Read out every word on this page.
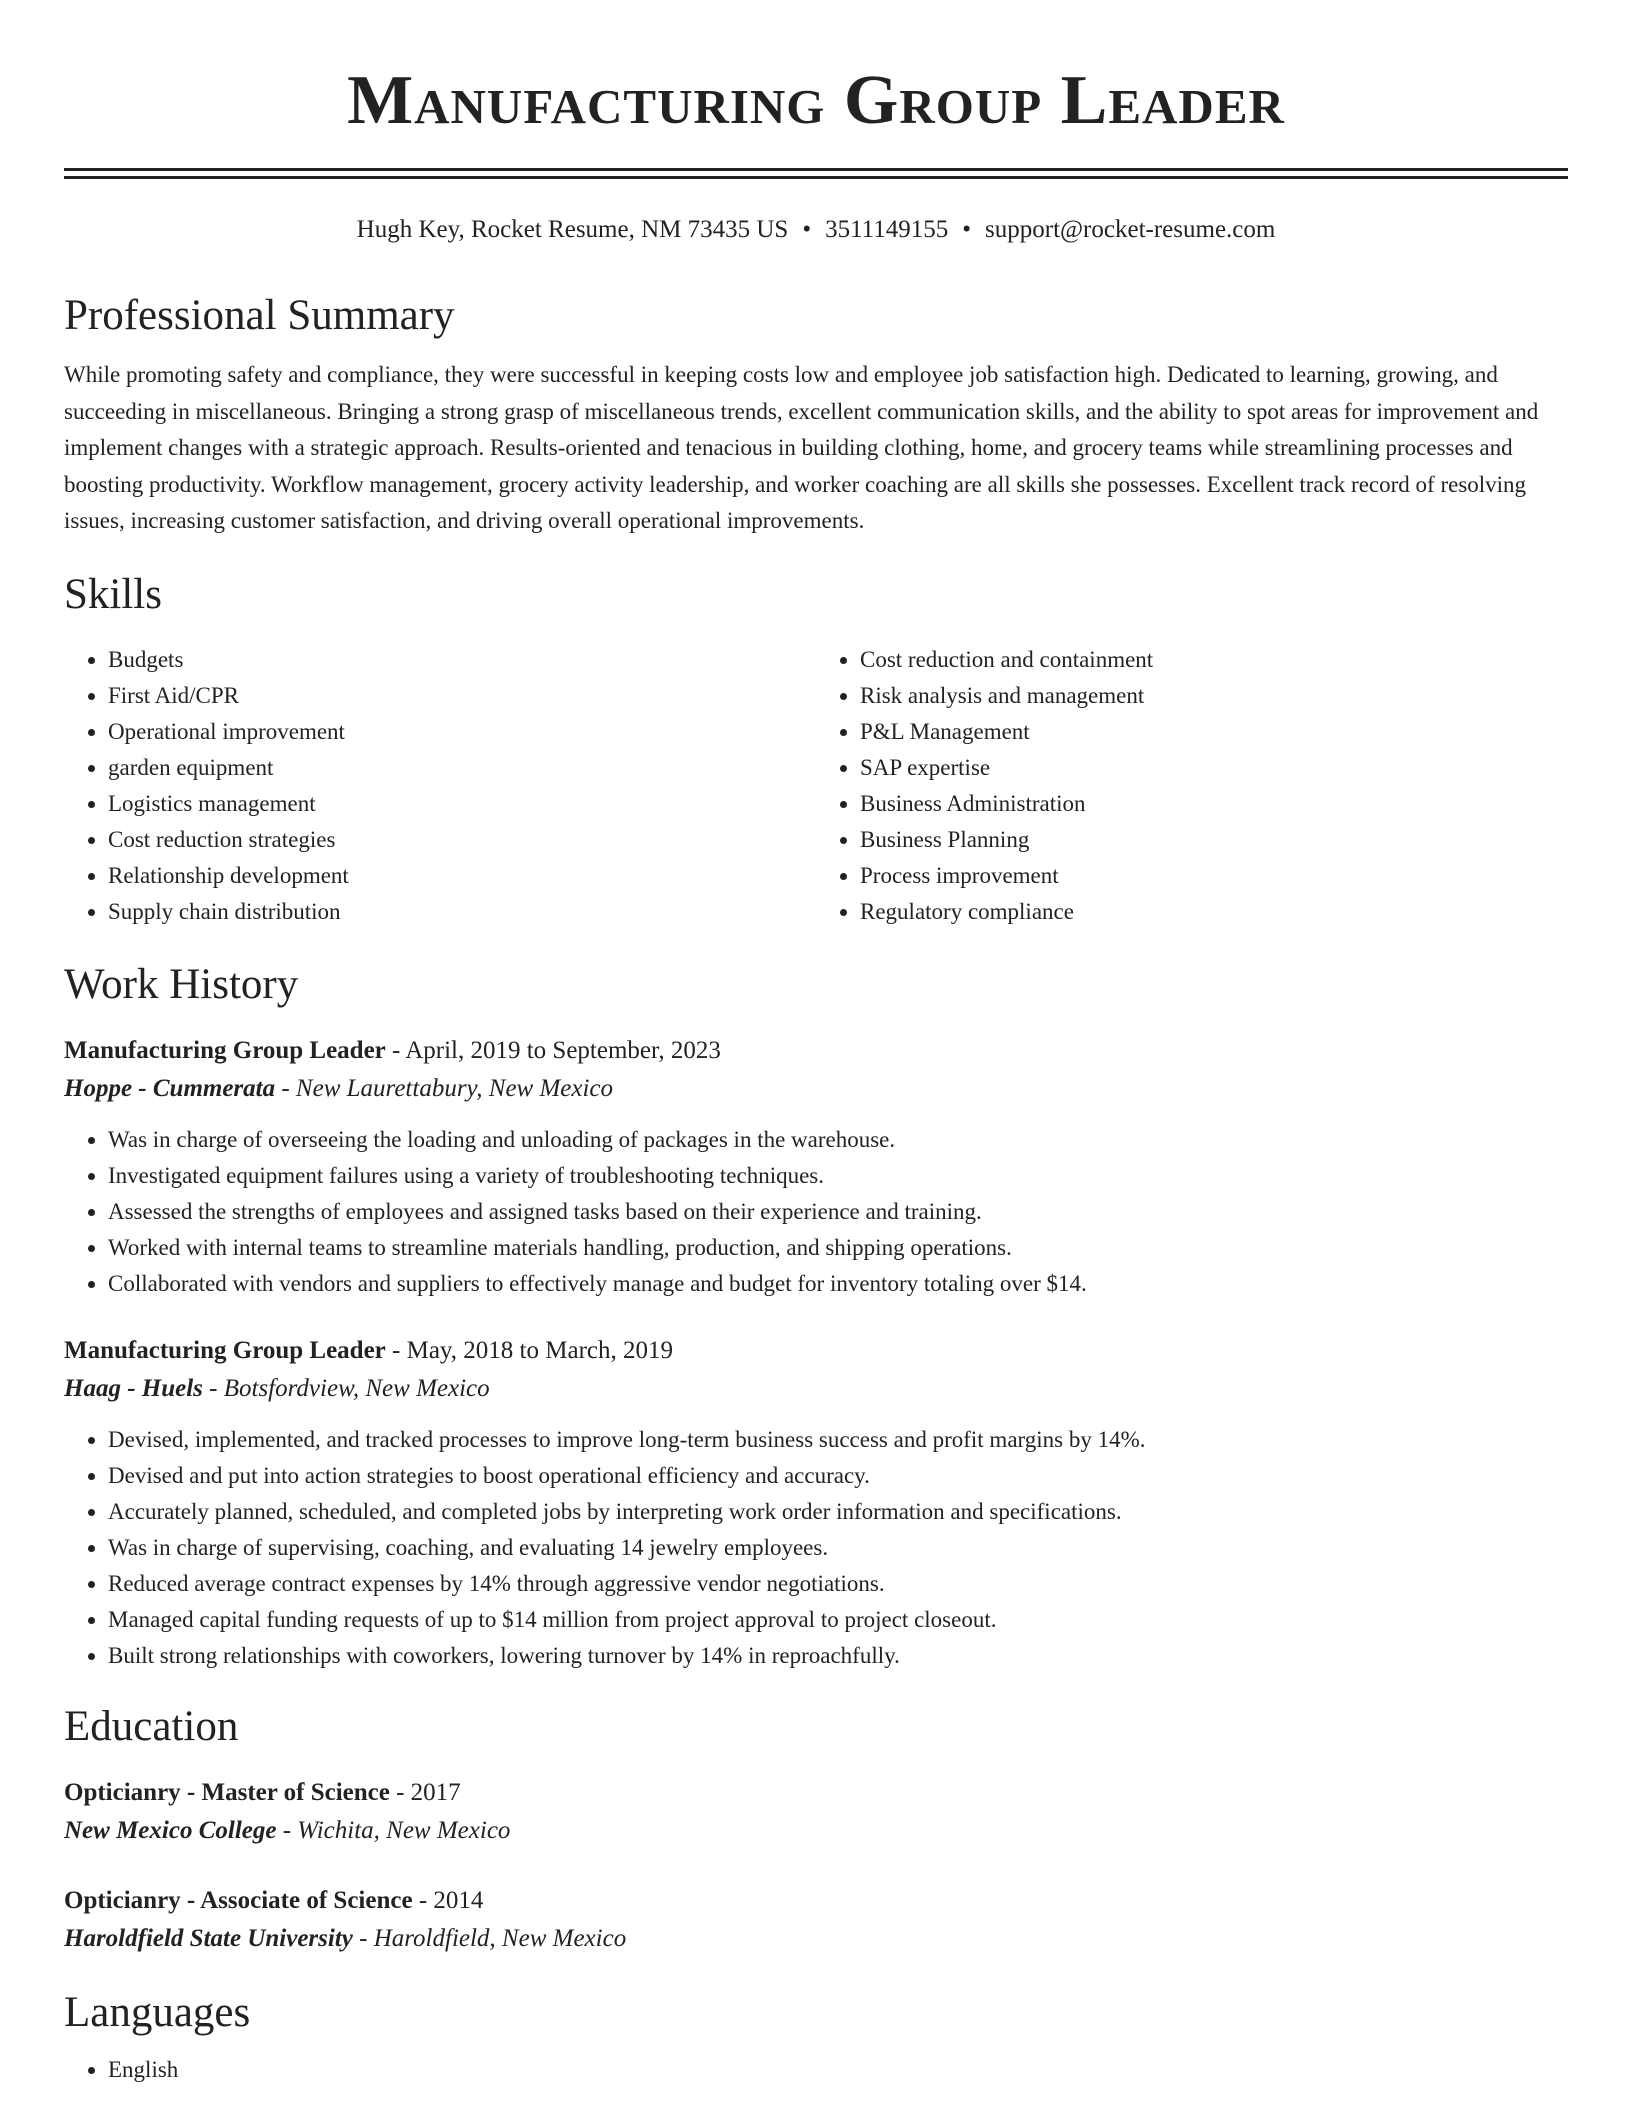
Manufacturing Group Leader
Hugh Key, Rocket Resume, NM 73435 US • 3511149155 • support@rocket-resume.com
Professional Summary

While promoting safety and compliance, they were successful in keeping costs low and employee job satisfaction high. Dedicated to learning, growing, and succeeding in miscellaneous. Bringing a strong grasp of miscellaneous trends, excellent communication skills, and the ability to spot areas for improvement and implement changes with a strategic approach. Results-oriented and tenacious in building clothing, home, and grocery teams while streamlining processes and boosting productivity. Workflow management, grocery activity leadership, and worker coaching are all skills she possesses. Excellent track record of resolving issues, increasing customer satisfaction, and driving overall operational improvements.

Skills
• Budgets
• First Aid/CPR
• Operational improvement
• garden equipment
• Logistics management
• Cost reduction strategies
• Relationship development
• Supply chain distribution
• Cost reduction and containment
• Risk analysis and management
• P&L Management
• SAP expertise
• Business Administration
• Business Planning
• Process improvement
• Regulatory compliance
Work History
Manufacturing Group Leader - April, 2019 to September, 2023
Hoppe - Cummerata - New Laurettabury, New Mexico
• Was in charge of overseeing the loading and unloading of packages in the warehouse.
• Investigated equipment failures using a variety of troubleshooting techniques.
• Assessed the strengths of employees and assigned tasks based on their experience and training.
• Worked with internal teams to streamline materials handling, production, and shipping operations.
• Collaborated with vendors and suppliers to effectively manage and budget for inventory totaling over $14.
Manufacturing Group Leader - May, 2018 to March, 2019
Haag - Huels - Botsfordview, New Mexico
• Devised, implemented, and tracked processes to improve long-term business success and profit margins by 14%.
• Devised and put into action strategies to boost operational efficiency and accuracy.
• Accurately planned, scheduled, and completed jobs by interpreting work order information and specifications.
• Was in charge of supervising, coaching, and evaluating 14 jewelry employees.
• Reduced average contract expenses by 14% through aggressive vendor negotiations.
• Managed capital funding requests of up to $14 million from project approval to project closeout.
• Built strong relationships with coworkers, lowering turnover by 14% in reproachfully.
Education
Opticianry - Master of Science - 2017
New Mexico College - Wichita, New Mexico
Opticianry - Associate of Science - 2014
Haroldfield State University - Haroldfield, New Mexico
Languages
• English
